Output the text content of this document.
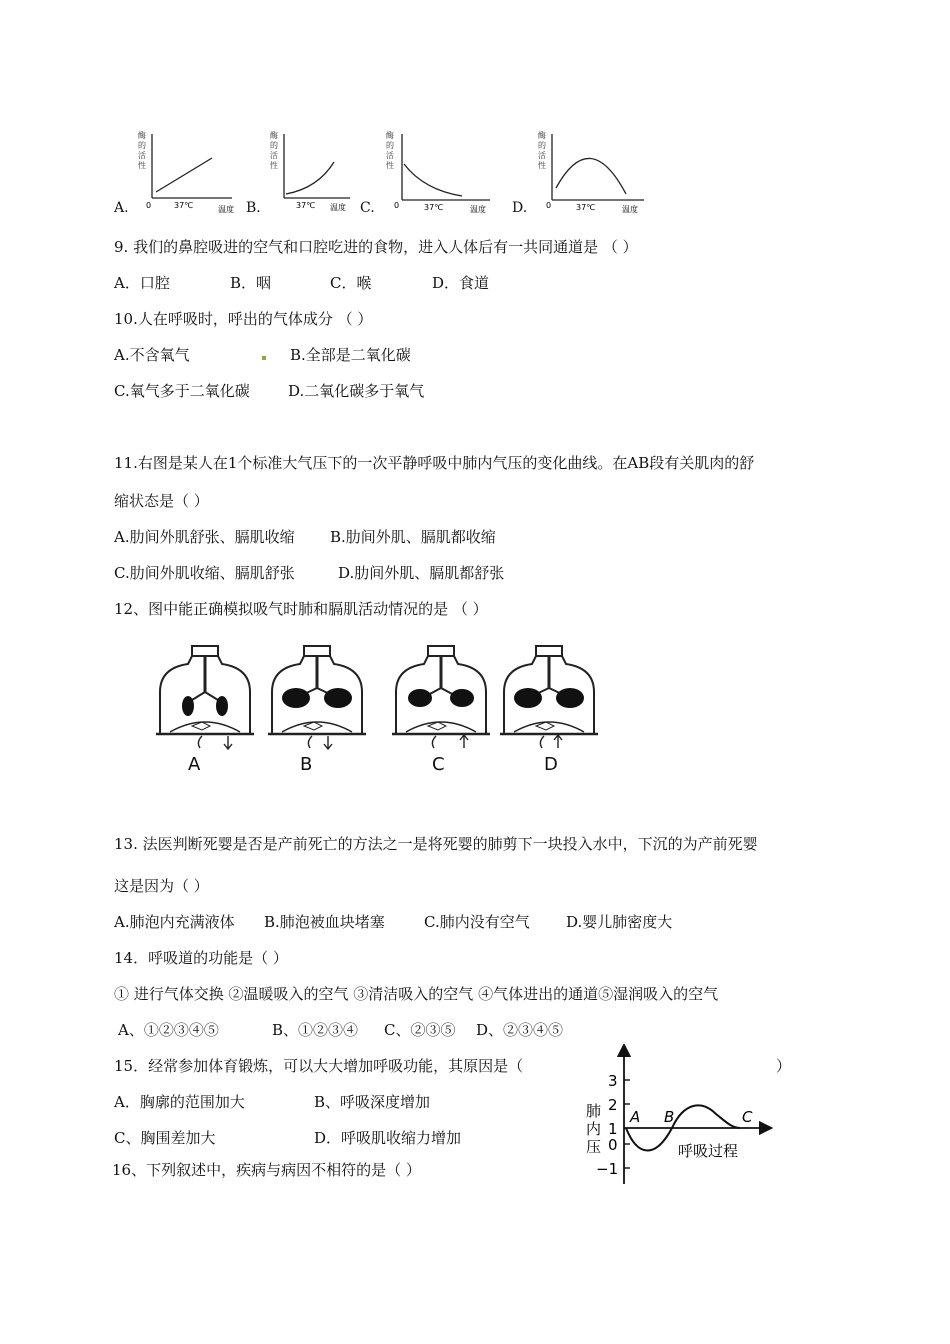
A.
酶
的
活
性
0	37℃	温度 B.
酶
的
活
性
37℃ 温度 C.
酶
的
活
性
0	37℃	温度 D.
酶
的
活
性
0	37℃	温度
9. 我们的鼻腔吸进的空气和口腔吃进的食物，进入人体后有一共同通道是 （ ）
A．口腔	B．咽	C．喉	D．食道
10.人在呼吸时，呼出的气体成分 （ ）
A.不含氧气	B.全部是二氧化碳
C.氧气多于二氧化碳	D.二氧化碳多于氧气
11.右图是某人在1个标准大气压下的一次平静呼吸中肺内气压的变化曲线。在AB段有关肌肉的舒
缩状态是（ ）
A.肋间外肌舒张、膈肌收缩 B.肋间外肌、膈肌都收缩
C.肋间外肌收缩、膈肌舒张	D.肋间外肌、膈肌都舒张
12、图中能正确模拟吸气时肺和膈肌活动情况的是 （ ）
A	B	C	D
13. 法医判断死婴是否是产前死亡的方法之一是将死婴的肺剪下一块投入水中，下沉的为产前死婴
这是因为（ ）
A.肺泡内充满液体 B.肺泡被血块堵塞	C.肺内没有空气 D.婴儿肺密度大
14．呼吸道的功能是（ ）
① 进行气体交换 ②温暖吸入的空气 ③清洁吸入的空气 ④气体进出的通道⑤湿润吸入的空气
A、①②③④⑤	B、①②③④ C、②③⑤ D、②③④⑤
15．经常参加体育锻炼，可以大大增加呼吸功能，其原因是（	）
A．胸廓的范围加大	B、呼吸深度增加
C、胸围差加大	D．呼吸肌收缩力增加
16、下列叙述中，疾病与病因不相符的是（ ）
3
2
1
0
−1
肺
内
压
A B	C
呼吸过程
